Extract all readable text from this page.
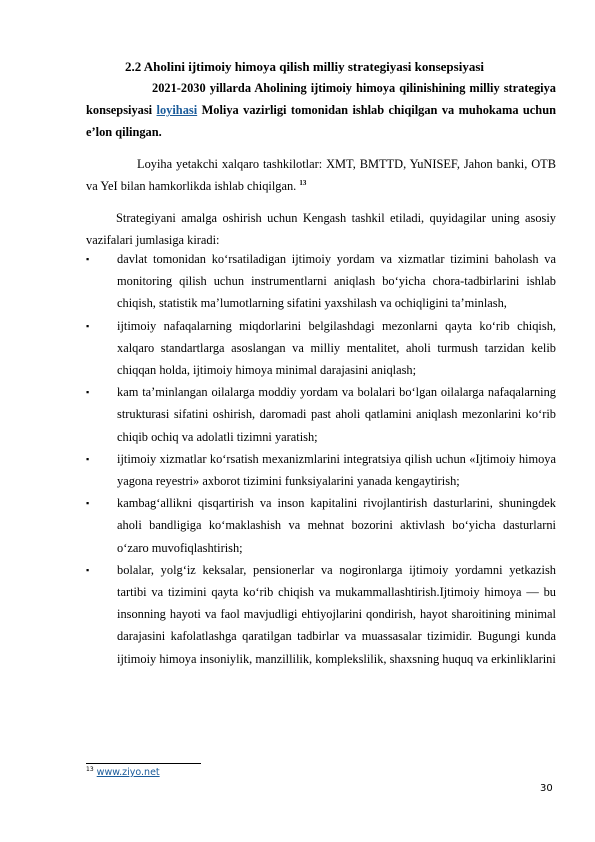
2.2 Aholini ijtimoiy himoya qilish milliy strategiyasi konsepsiyasi
2021-2030 yillarda Aholining ijtimoiy himoya qilinishining milliy strategiya konsepsiyasi loyihasi Moliya vazirligi tomonidan ishlab chiqilgan va muhokama uchun e’lon qilingan.
Loyiha yetakchi xalqaro tashkilotlar: XMT, BMTTD, YuNISEF, Jahon banki, OTB va YeI bilan hamkorlikda ishlab chiqilgan. $^{13}$
Strategiyani amalga oshirish uchun Kengash tashkil etiladi, quyidagilar uning asosiy vazifalari jumlasiga kiradi:
▪ davlat tomonidan ko‘rsatiladigan ijtimoiy yordam va xizmatlar tizimini baholash va monitoring qilish uchun instrumentlarni aniqlash bo‘yicha chora-tadbirlarini ishlab chiqish, statistik ma’lumotlarning sifatini yaxshilash va ochiqligini ta’minlash,
▪ ijtimoiy nafaqalarning miqdorlarini belgilashdagi mezonlarni qayta ko‘rib chiqish, xalqaro standartlarga asoslangan va milliy mentalitet, aholi turmush tarzidan kelib chiqqan holda, ijtimoiy himoya minimal darajasini aniqlash;
▪ kam ta’minlangan oilalarga moddiy yordam va bolalari bo‘lgan oilalarga nafaqalarning strukturasi sifatini oshirish, daromadi past aholi qatlamini aniqlash mezonlarini ko‘rib chiqib ochiq va adolatli tizimni yaratish;
▪ ijtimoiy xizmatlar ko‘rsatish mexanizmlarini integratsiya qilish uchun «Ijtimoiy himoya yagona reyestri» axborot tizimini funksiyalarini yanada kengaytirish;
▪ kambag‘allikni qisqartirish va inson kapitalini rivojlantirish dasturlarini, shuningdek aholi bandligiga ko‘maklashish va mehnat bozorini aktivlash bo‘yicha dasturlarni o‘zaro muvofiqlashtirish;
▪ bolalar, yolg‘iz keksalar, pensionerlar va nogironlarga ijtimoiy yordamni yetkazish tartibi va tizimini qayta ko‘rib chiqish va mukammallashtirish.Ijtimoiy himoya — bu insonning hayoti va faol mavjudligi ehtiyojlarini qondirish, hayot sharoitining minimal darajasini kafolatlashga qaratilgan tadbirlar va muassasalar tizimidir. Bugungi kunda ijtimoiy himoya insoniylik, manzillilik, komplekslilik, shaxsning huquq va erkinliklarini
$^{13}$ www.ziyo.net
30
